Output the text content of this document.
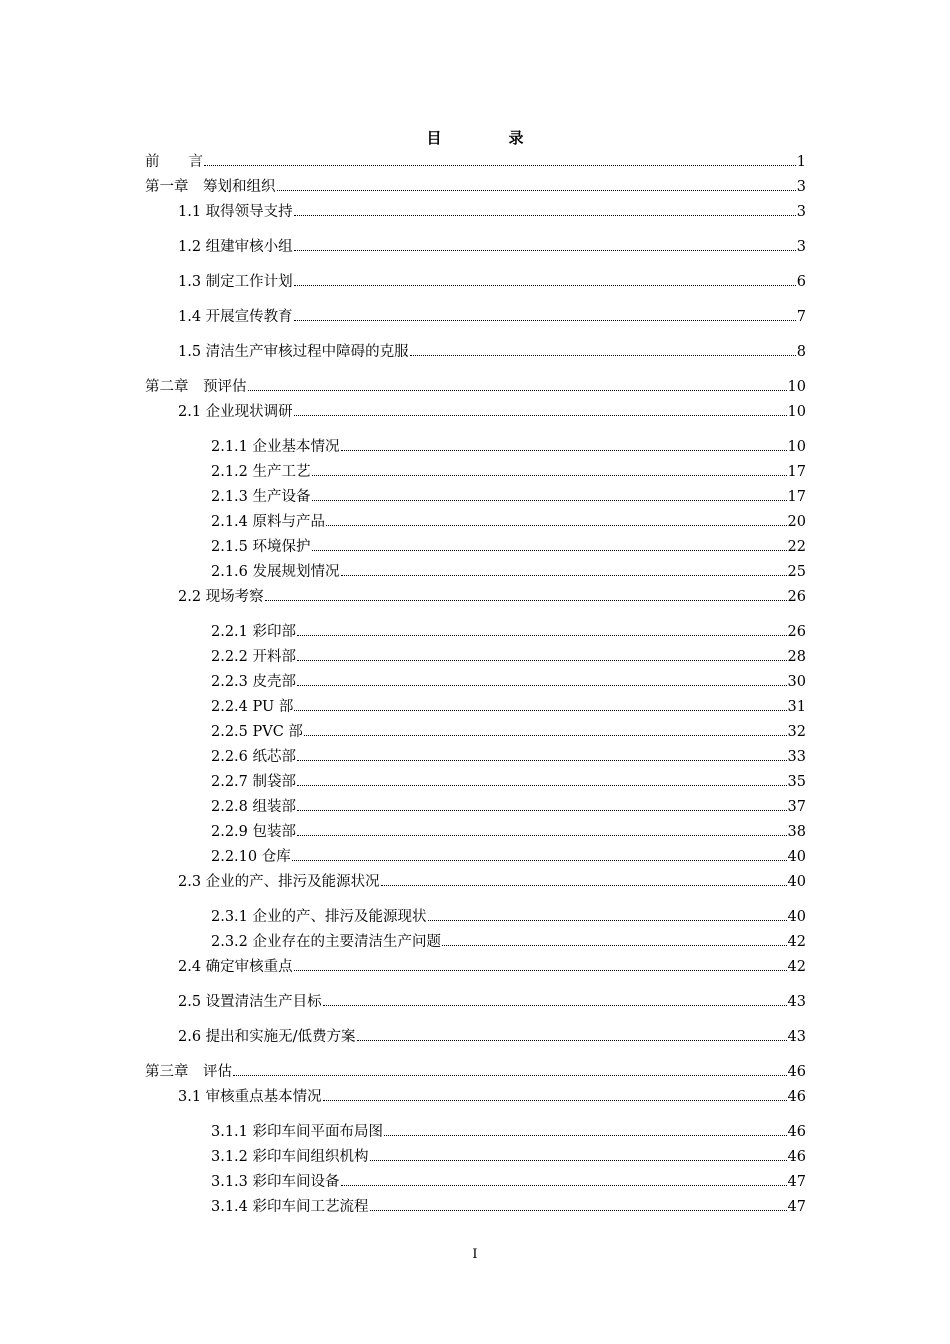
目　录
前　　言	1
第一章　筹划和组织	3
1.1 取得领导支持	3
1.2 组建审核小组	3
1.3 制定工作计划	6
1.4 开展宣传教育	7
1.5 清洁生产审核过程中障碍的克服	8
第二章　预评估	10
2.1 企业现状调研	10
2.1.1 企业基本情况	10
2.1.2 生产工艺	17
2.1.3 生产设备	17
2.1.4 原料与产品	20
2.1.5 环境保护	22
2.1.6 发展规划情况	25
2.2 现场考察	26
2.2.1 彩印部	26
2.2.2 开料部	28
2.2.3 皮壳部	30
2.2.4 PU 部	31
2.2.5 PVC 部	32
2.2.6 纸芯部	33
2.2.7 制袋部	35
2.2.8 组装部	37
2.2.9 包装部	38
2.2.10 仓库	40
2.3 企业的产、排污及能源状况	40
2.3.1 企业的产、排污及能源现状	40
2.3.2 企业存在的主要清洁生产问题	42
2.4 确定审核重点	42
2.5 设置清洁生产目标	43
2.6 提出和实施无/低费方案	43
第三章　评估	46
3.1 审核重点基本情况	46
3.1.1 彩印车间平面布局图	46
3.1.2 彩印车间组织机构	46
3.1.3 彩印车间设备	47
3.1.4 彩印车间工艺流程	47
I
